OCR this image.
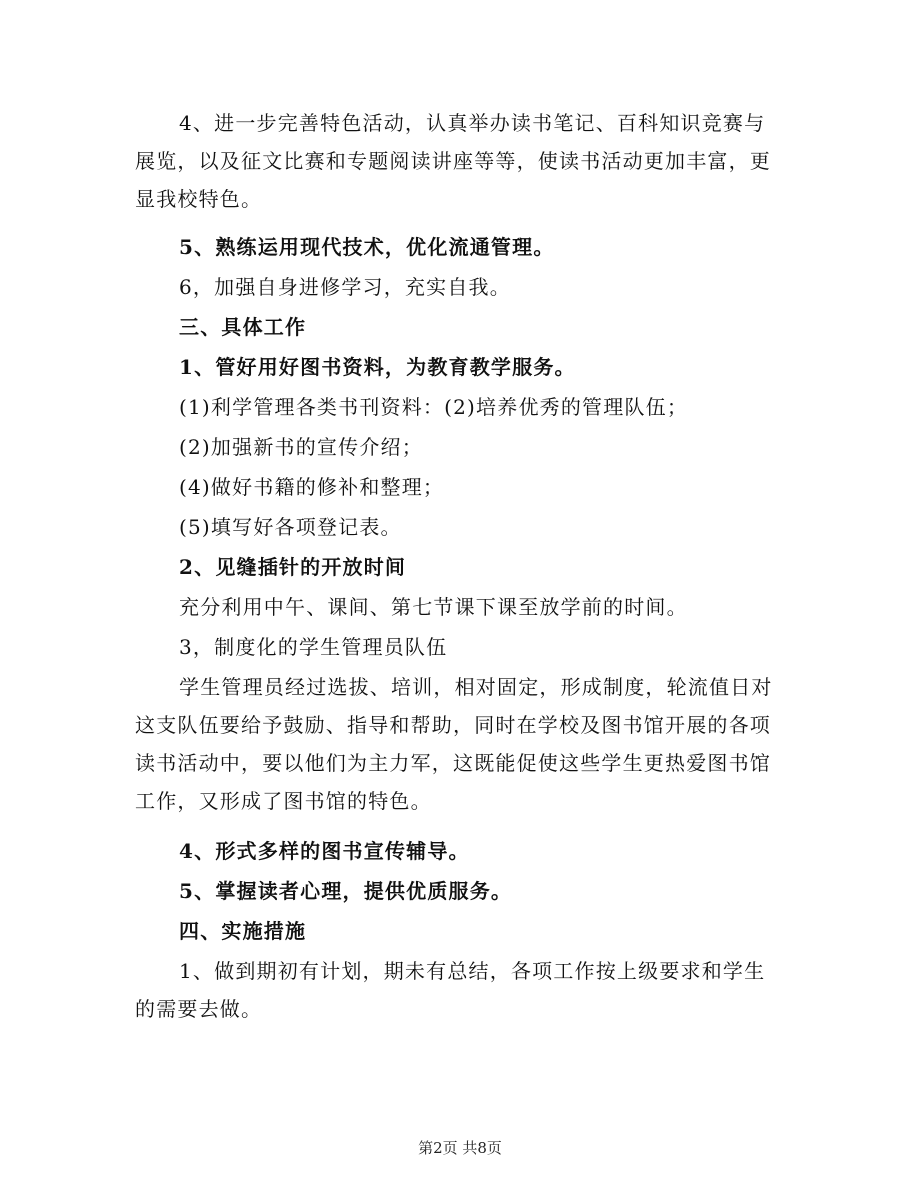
4、进一步完善特色活动，认真举办读书笔记、百科知识竞赛与展览，以及征文比赛和专题阅读讲座等等，使读书活动更加丰富，更显我校特色。
5、熟练运用现代技术，优化流通管理。
6，加强自身进修学习，充实自我。
三、具体工作
1、管好用好图书资料，为教育教学服务。
(1)利学管理各类书刊资料：(2)培养优秀的管理队伍；
(2)加强新书的宣传介绍；
(4)做好书籍的修补和整理；
(5)填写好各项登记表。
2、见缝插针的开放时间
充分利用中午、课间、第七节课下课至放学前的时间。
3，制度化的学生管理员队伍
学生管理员经过选拔、培训，相对固定，形成制度，轮流值日对这支队伍要给予鼓励、指导和帮助，同时在学校及图书馆开展的各项读书活动中，要以他们为主力军，这既能促使这些学生更热爱图书馆工作，又形成了图书馆的特色。
4、形式多样的图书宣传辅导。
5、掌握读者心理，提供优质服务。
四、实施措施
1、做到期初有计划，期未有总结，各项工作按上级要求和学生的需要去做。
第2页 共8页
